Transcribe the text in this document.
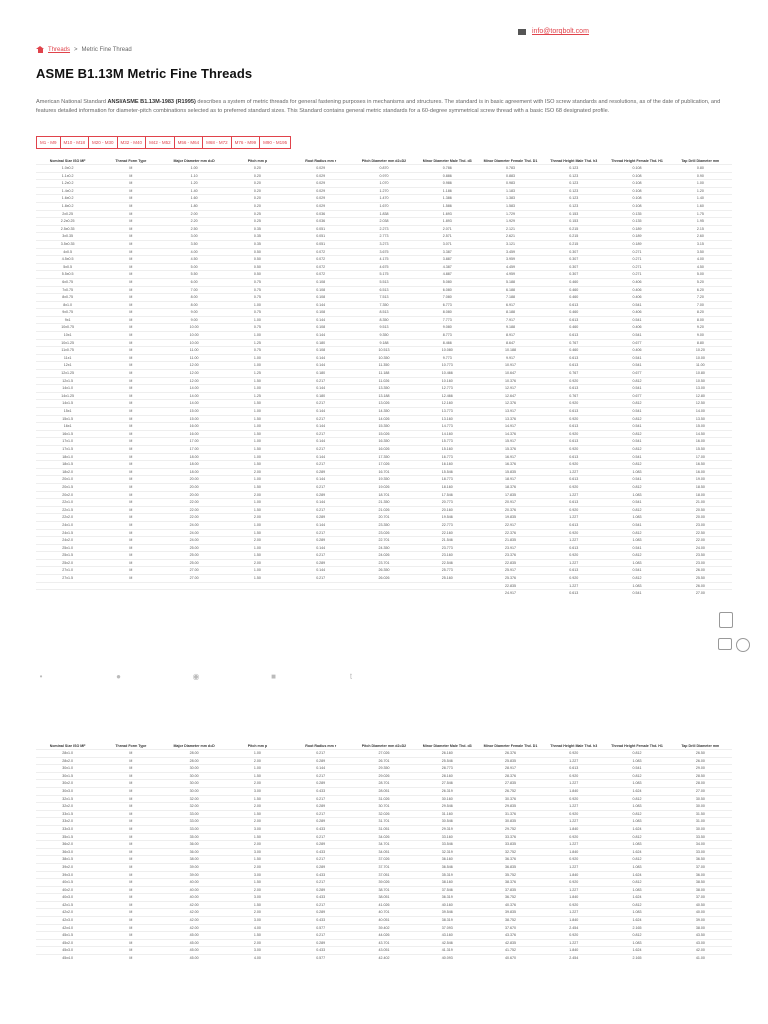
info@torqbolt.com
Threads > Metric Fine Thread
ASME B1.13M Metric Fine Threads

American National Standard ANSI/ASME B1.13M-1983 (R1995) describes a system of metric threads for general fastening purposes in mechanisms and structures. The standard is in basic agreement with ISO screw standards and resolutions, as of the date of publication, and features detailed information for diameter-pitch combinations selected as to preferred standard sizes. This Standard contains general metric standards for a 60-degree symmetrical screw thread with a basic ISO 68 designated profile.

M1 - M9	M10 - M18	M20 - M30	M32 - M40	M42 - M52	M56 - M64	M68 - M72	M76 - M99	M90 - M195
Nominal Size ISO MF	Thread Form Type	Major Diameter mm d=D	Pitch mm p	Root Radius mm r	Pitch Diameter mm d2=D2	Minor Diameter Male Thd. d3	Minor Diameter Female Thd. D1	Thread Height Male Thd. h3	Thread Height Female Thd. H1	Tap Drill Diameter mm
1.0x0.2	M	1.00	0.20	0.029	0.870	0.786	0.783	0.123	0.108	0.80
1.1x0.2	M	1.10	0.20	0.029	0.970	0.886	0.883	0.123	0.108	0.90
1.2x0.2	M	1.20	0.20	0.029	1.070	0.986	0.983	0.123	0.108	1.00
1.4x0.2	M	1.40	0.20	0.029	1.270	1.186	1.183	0.123	0.108	1.20
1.6x0.2	M	1.60	0.20	0.029	1.470	1.386	1.383	0.123	0.108	1.40
1.8x0.2	M	1.80	0.20	0.029	1.670	1.586	1.583	0.123	0.108	1.60
2x0.25	M	2.00	0.25	0.036	1.838	1.693	1.729	0.153	0.135	1.75
2.2x0.25	M	2.20	0.25	0.036	2.038	1.893	1.929	0.153	0.135	1.95
2.5x0.35	M	2.50	0.35	0.051	2.273	2.071	2.121	0.215	0.189	2.15
3x0.35	M	3.00	0.35	0.051	2.773	2.571	2.621	0.215	0.189	2.60
3.5x0.35	M	3.50	0.35	0.051	3.273	3.071	3.121	0.215	0.189	3.15
4x0.5	M	4.00	0.50	0.072	3.675	3.387	3.459	0.307	0.271	3.50
4.5x0.5	M	4.50	0.50	0.072	4.175	3.887	3.959	0.307	0.271	4.00
5x0.5	M	5.00	0.50	0.072	4.675	4.387	4.459	0.307	0.271	4.50
5.5x0.5	M	5.50	0.50	0.072	5.175	4.887	4.959	0.307	0.271	5.00
6x0.75	M	6.00	0.75	0.108	5.513	5.080	5.188	0.460	0.406	5.20
7x0.75	M	7.00	0.75	0.108	6.513	6.080	6.188	0.460	0.406	6.20
8x0.75	M	8.00	0.75	0.108	7.513	7.080	7.188	0.460	0.406	7.20
8x1.0	M	8.00	1.00	0.144	7.350	6.773	6.917	0.613	0.541	7.00
9x0.75	M	9.00	0.75	0.108	8.513	8.080	8.188	0.460	0.406	8.20
9x1	M	9.00	1.00	0.144	8.350	7.773	7.917	0.613	0.541	8.00
10x0.75	M	10.00	0.75	0.108	9.513	9.080	9.188	0.460	0.406	9.20
10x1	M	10.00	1.00	0.144	9.350	8.773	8.917	0.613	0.541	9.00
10x1.25	M	10.00	1.25	0.180	9.188	8.466	8.647	0.767	0.677	8.80
11x0.75	M	11.00	0.75	0.108	10.513	10.080	10.188	0.460	0.406	10.20
11x1	M	11.00	1.00	0.144	10.350	9.773	9.917	0.613	0.541	10.00
12x1	M	12.00	1.00	0.144	11.350	10.773	10.917	0.613	0.541	11.00
12x1.25	M	12.00	1.25	0.180	11.188	10.466	10.647	0.767	0.677	10.80
12x1.5	M	12.00	1.50	0.217	11.026	10.160	10.376	0.920	0.812	10.50
14x1.0	M	14.00	1.00	0.144	13.350	12.773	12.917	0.613	0.541	13.00
14x1.25	M	14.00	1.25	0.180	13.188	12.466	12.647	0.767	0.677	12.80
14x1.5	M	14.00	1.50	0.217	13.026	12.160	12.376	0.920	0.812	12.50
15x1	M	15.00	1.00	0.144	14.350	13.773	13.917	0.613	0.541	14.00
15x1.5	M	15.00	1.50	0.217	14.026	13.160	13.376	0.920	0.812	13.50
16x1	M	16.00	1.00	0.144	15.350	14.773	14.917	0.613	0.541	15.00
16x1.5	M	16.00	1.50	0.217	15.026	14.160	14.376	0.920	0.812	14.50
17x1.0	M	17.00	1.00	0.144	16.350	15.773	15.917	0.613	0.541	16.00
17x1.5	M	17.00	1.50	0.217	16.026	15.160	15.376	0.920	0.812	15.50
18x1.0	M	18.00	1.00	0.144	17.350	16.773	16.917	0.613	0.541	17.00
18x1.5	M	18.00	1.50	0.217	17.026	16.160	16.376	0.920	0.812	16.50
18x2.0	M	18.00	2.00	0.289	16.701	15.546	15.835	1.227	1.083	16.00
20x1.0	M	20.00	1.00	0.144	19.350	18.773	18.917	0.613	0.541	19.00
20x1.5	M	20.00	1.50	0.217	19.026	18.160	18.376	0.920	0.812	18.50
20x2.0	M	20.00	2.00	0.289	18.701	17.546	17.835	1.227	1.083	18.00
22x1.0	M	22.00	1.00	0.144	21.350	20.773	20.917	0.613	0.541	21.00
22x1.5	M	22.00	1.50	0.217	21.026	20.160	20.376	0.920	0.812	20.50
22x2.0	M	22.00	2.00	0.289	20.701	19.546	19.835	1.227	1.083	20.00
24x1.0	M	24.00	1.00	0.144	23.350	22.773	22.917	0.613	0.541	23.00
24x1.5	M	24.00	1.50	0.217	23.026	22.160	22.376	0.920	0.812	22.50
24x2.0	M	24.00	2.00	0.289	22.701	21.546	21.835	1.227	1.083	22.00
25x1.0	M	25.00	1.00	0.144	24.350	23.773	23.917	0.613	0.541	24.00
25x1.5	M	25.00	1.50	0.217	24.026	23.160	23.376	0.920	0.812	23.50
25x2.0	M	25.00	2.00	0.289	23.701	22.546	22.835	1.227	1.083	23.00
27x1.0	M	27.00	1.00	0.144	26.350	25.773	25.917	0.613	0.541	26.00
27x1.5	M	27.00	1.50	0.217	26.026	25.160	25.376	0.920	0.812	25.50
							22.835	1.227	1.083	26.00
							24.917	0.613	0.541	27.00
•	●	◉	■	t
Nominal Size ISO MF	Thread Form Type	Major Diameter mm d=D	Pitch mm p	Root Radius mm r	Pitch Diameter mm d2=D2	Minor Diameter Male Thd. d3	Minor Diameter Female Thd. D1	Thread Height Male Thd. h3	Thread Height Female Thd. H1	Tap Drill Diameter mm
28x1.0	M	28.00	1.00	0.217	27.026	26.160	26.376	0.920	0.812	26.50
28x2.0	M	28.00	2.00	0.289	26.701	25.546	25.835	1.227	1.083	26.00
30x1.0	M	30.00	1.00	0.144	29.350	28.773	28.917	0.613	0.541	29.00
30x1.5	M	30.00	1.50	0.217	29.026	28.160	28.376	0.920	0.812	28.50
30x2.0	M	30.00	2.00	0.289	28.701	27.546	27.835	1.227	1.083	28.00
30x3.0	M	30.00	3.00	0.433	28.051	26.319	26.752	1.840	1.624	27.00
32x1.5	M	32.00	1.50	0.217	31.026	30.160	30.376	0.920	0.812	30.50
32x2.0	M	32.00	2.00	0.289	30.701	29.546	29.835	1.227	1.083	30.00
33x1.5	M	33.00	1.50	0.217	32.026	31.160	31.376	0.920	0.812	31.50
33x2.0	M	33.00	2.00	0.289	31.701	30.546	30.835	1.227	1.083	31.00
33x3.0	M	33.00	3.00	0.433	31.051	29.319	29.752	1.840	1.624	30.00
35x1.5	M	35.00	1.50	0.217	34.026	33.160	33.376	0.920	0.812	33.50
36x2.0	M	36.00	2.00	0.289	34.701	33.546	33.835	1.227	1.083	34.00
36x3.0	M	36.00	3.00	0.433	34.051	32.319	32.752	1.840	1.624	33.00
38x1.5	M	38.00	1.50	0.217	37.026	36.160	36.376	0.920	0.812	36.50
39x2.0	M	39.00	2.00	0.289	37.701	36.546	36.835	1.227	1.083	37.00
39x3.0	M	39.00	3.00	0.433	37.051	35.319	35.752	1.840	1.624	36.00
40x1.5	M	40.00	1.50	0.217	39.026	38.160	38.376	0.920	0.812	38.50
40x2.0	M	40.00	2.00	0.289	38.701	37.546	37.835	1.227	1.083	38.00
40x3.0	M	40.00	3.00	0.433	38.051	36.319	36.752	1.840	1.624	37.00
42x1.5	M	42.00	1.50	0.217	41.026	40.160	40.376	0.920	0.812	40.50
42x2.0	M	42.00	2.00	0.289	40.701	39.546	39.835	1.227	1.083	40.00
42x3.0	M	42.00	3.00	0.433	40.051	38.319	38.752	1.840	1.624	39.00
42x4.0	M	42.00	4.00	0.577	39.402	37.093	37.670	2.454	2.165	38.00
45x1.5	M	45.00	1.50	0.217	44.026	43.160	43.376	0.920	0.812	43.50
45x2.0	M	45.00	2.00	0.289	43.701	42.546	42.835	1.227	1.083	43.00
45x3.0	M	45.00	3.00	0.433	43.051	41.319	41.752	1.840	1.624	42.00
45x4.0	M	45.00	4.00	0.577	42.402	40.093	40.670	2.454	2.165	41.00
